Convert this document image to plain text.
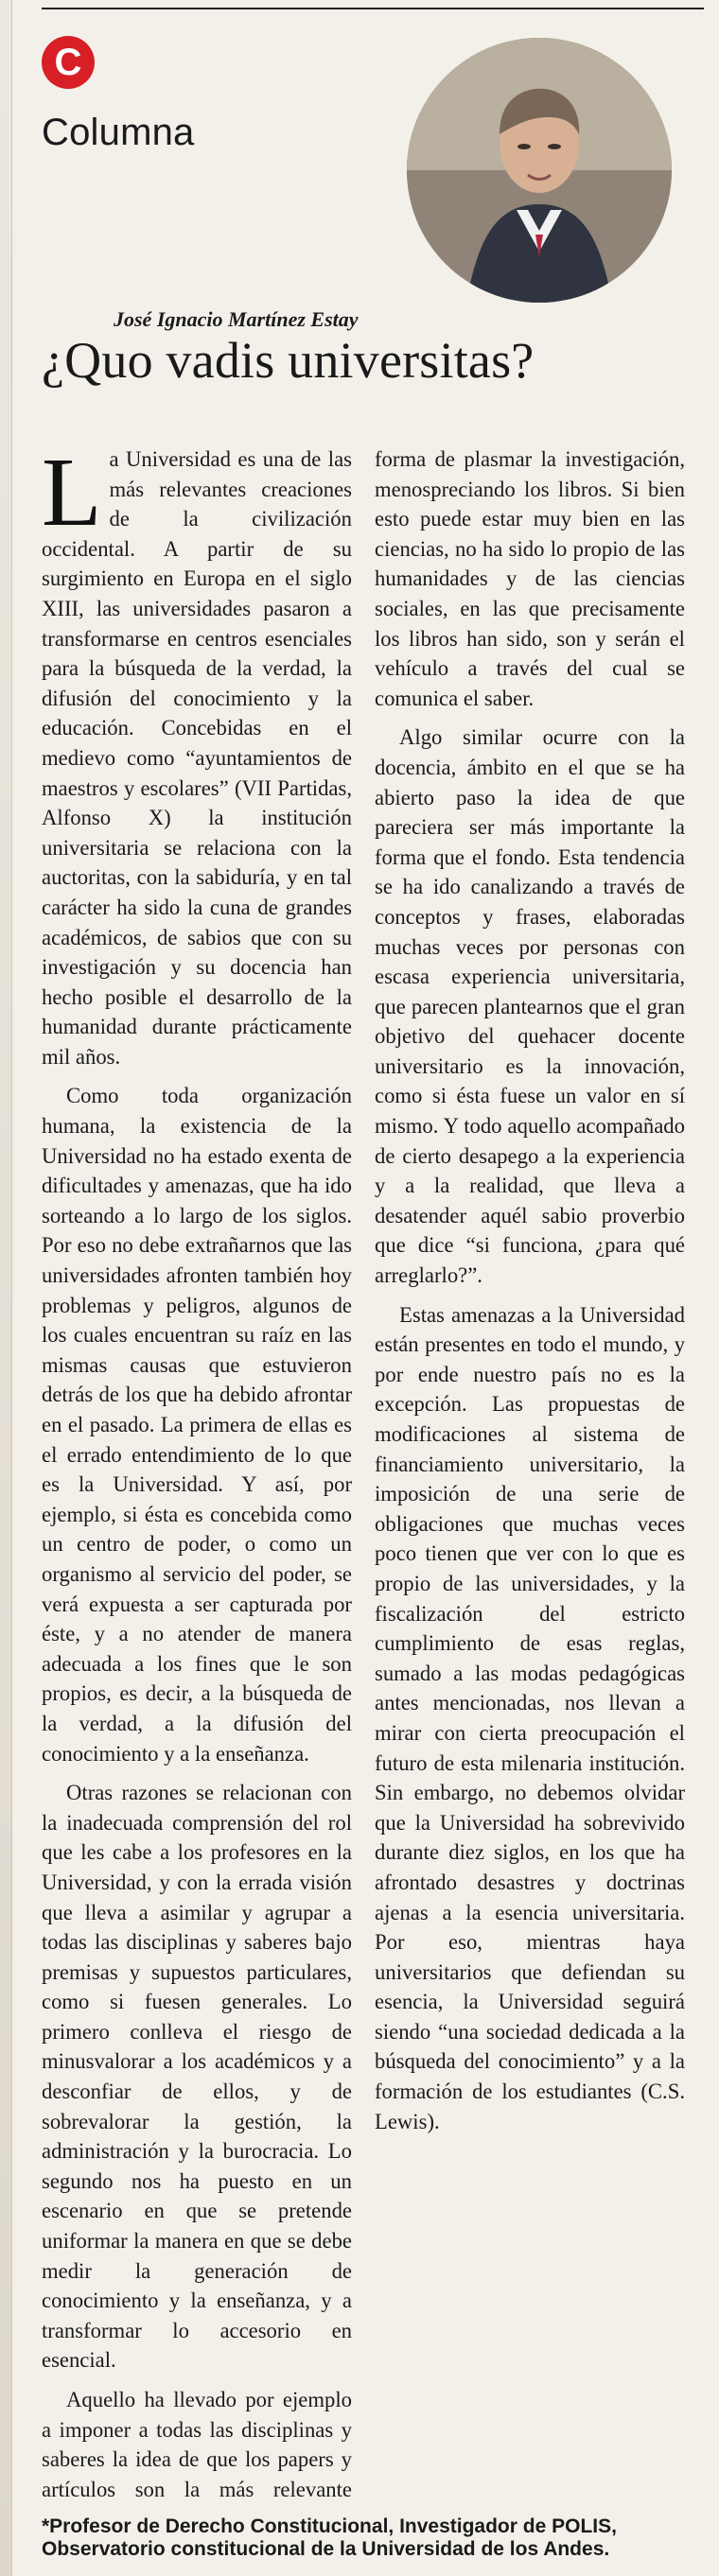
C
Columna
José Ignacio Martínez Estay
¿Quo vadis universitas?

La Universidad es una de las más relevantes creaciones de la civilización occidental. A partir de su surgimiento en Europa en el siglo XIII, las universidades pasaron a transformarse en centros esenciales para la búsqueda de la verdad, la difusión del conocimiento y la educación. Concebidas en el medievo como “ayuntamientos de maestros y escolares” (VII Partidas, Alfonso X) la institución universitaria se relaciona con la auctoritas, con la sabiduría, y en tal carácter ha sido la cuna de grandes académicos, de sabios que con su investigación y su docencia han hecho posible el desarrollo de la humanidad durante prácticamente mil años.

Como toda organización humana, la existencia de la Universidad no ha estado exenta de dificultades y amenazas, que ha ido sorteando a lo largo de los siglos. Por eso no debe extrañarnos que las universidades afronten también hoy problemas y peligros, algunos de los cuales encuentran su raíz en las mismas causas que estuvieron detrás de los que ha debido afrontar en el pasado. La primera de ellas es el errado entendimiento de lo que es la Universidad. Y así, por ejemplo, si ésta es concebida como un centro de poder, o como un organismo al servicio del poder, se verá expuesta a ser capturada por éste, y a no atender de manera adecuada a los fines que le son propios, es decir, a la búsqueda de la verdad, a la difusión del conocimiento y a la enseñanza.

Otras razones se relacionan con la inadecuada comprensión del rol que les cabe a los profesores en la Universidad, y con la errada visión que lleva a asimilar y agrupar a todas las disciplinas y saberes bajo premisas y supuestos particulares, como si fuesen generales. Lo primero conlleva el riesgo de minusvalorar a los académicos y a desconfiar de ellos, y de sobrevalorar la gestión, la administración y la burocracia. Lo segundo nos ha puesto en un escenario en que se pretende uniformar la manera en que se debe medir la generación de conocimiento y la enseñanza, y a transformar lo accesorio en esencial.

Aquello ha llevado por ejemplo a imponer a todas las disciplinas y saberes la idea de que los papers y artículos son la más relevante forma de plasmar la investigación, menospreciando los libros. Si bien esto puede estar muy bien en las ciencias, no ha sido lo propio de las humanidades y de las ciencias sociales, en las que precisamente los libros han sido, son y serán el vehículo a través del cual se comunica el saber.

Algo similar ocurre con la docencia, ámbito en el que se ha abierto paso la idea de que pareciera ser más importante la forma que el fondo. Esta tendencia se ha ido canalizando a través de conceptos y frases, elaboradas muchas veces por personas con escasa experiencia universitaria, que parecen plantearnos que el gran objetivo del quehacer docente universitario es la innovación, como si ésta fuese un valor en sí mismo. Y todo aquello acompañado de cierto desapego a la experiencia y a la realidad, que lleva a desatender aquél sabio proverbio que dice “si funciona, ¿para qué arreglarlo?”.

Estas amenazas a la Universidad están presentes en todo el mundo, y por ende nuestro país no es la excepción. Las propuestas de modificaciones al sistema de financiamiento universitario, la imposición de una serie de obligaciones que muchas veces poco tienen que ver con lo que es propio de las universidades, y la fiscalización del estricto cumplimiento de esas reglas, sumado a las modas pedagógicas antes mencionadas, nos llevan a mirar con cierta preocupación el futuro de esta milenaria institución. Sin embargo, no debemos olvidar que la Universidad ha sobrevivido durante diez siglos, en los que ha afrontado desastres y doctrinas ajenas a la esencia universitaria. Por eso, mientras haya universitarios que defiendan su esencia, la Universidad seguirá siendo “una sociedad dedicada a la búsqueda del conocimiento” y a la formación de los estudiantes (C.S. Lewis).

*Profesor de Derecho Constitucional, Investigador de POLIS, Observatorio constitucional de la Universidad de los Andes.
